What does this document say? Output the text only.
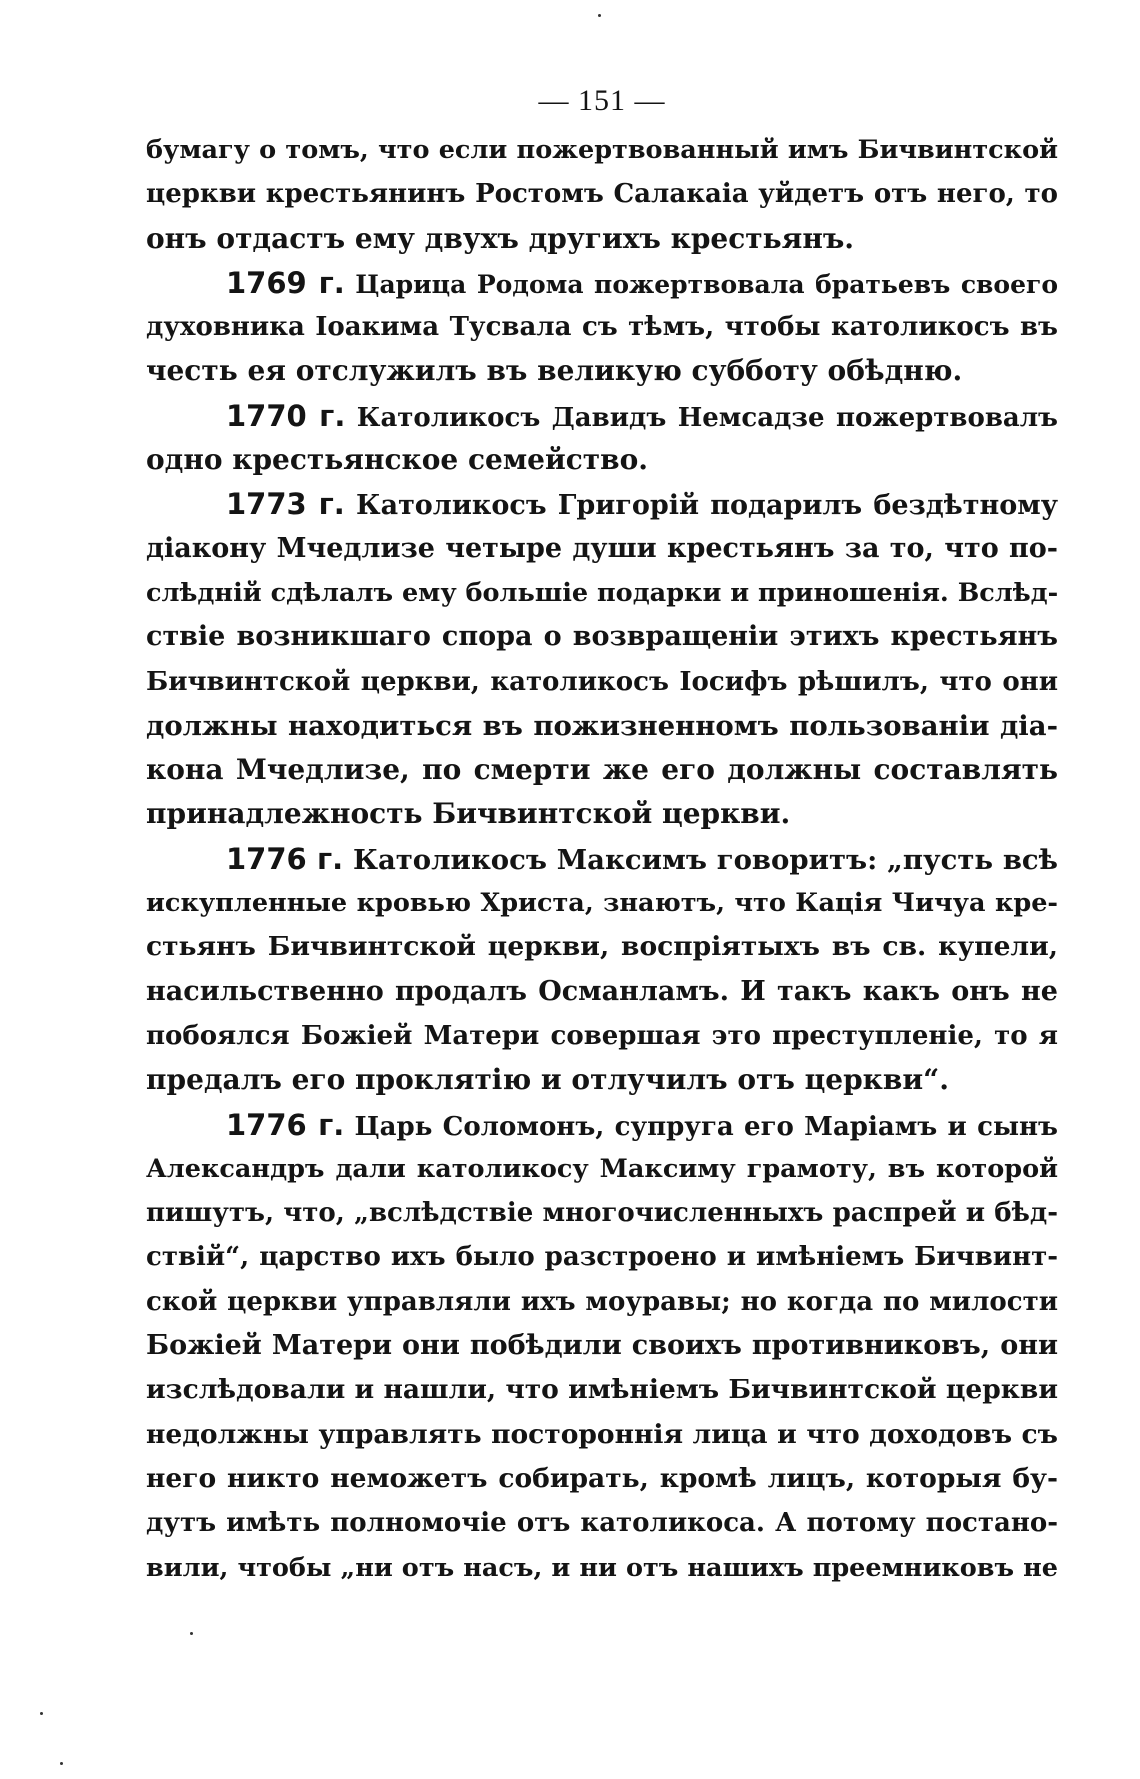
— 151 —
бумагу о томъ, что если пожертвованный имъ Бичвинтской
церкви крестьянинъ Ростомъ Салакаіа уйдетъ отъ него, то
онъ отдастъ ему двухъ другихъ крестьянъ.
1769 г. Царица Родома пожертвовала братьевъ своего
духовника Іоакима Тусвала съ тѣмъ, чтобы католикосъ въ
честь ея отслужилъ въ великую субботу обѣдню.
1770 г. Католикосъ Давидъ Немсадзе пожертвовалъ
одно крестьянское семейство.
1773 г. Католикосъ Григорій подарилъ бездѣтному
діакону Мчедлизе четыре души крестьянъ за то, что по-
слѣдній сдѣлалъ ему большіе подарки и приношенія. Вслѣд-
ствіе возникшаго спора о возвращеніи этихъ крестьянъ
Бичвинтской церкви, католикосъ Іосифъ рѣшилъ, что они
должны находиться въ пожизненномъ пользованіи діа-
кона Мчедлизе, по смерти же его должны составлять
принадлежность Бичвинтской церкви.
1776 г. Католикосъ Максимъ говоритъ: „пусть всѣ
искупленные кровью Христа, знаютъ, что Кація Чичуа кре-
стьянъ Бичвинтской церкви, воспріятыхъ въ св. купели,
насильственно продалъ Османламъ. И такъ какъ онъ не
побоялся Божіей Матери совершая это преступленіе, то я
предалъ его проклятію и отлучилъ отъ церкви“.
1776 г. Царь Соломонъ, супруга его Маріамъ и сынъ
Александръ дали католикосу Максиму грамоту, въ которой
пишутъ, что, „вслѣдствіе многочисленныхъ распрей и бѣд-
ствій“, царство ихъ было разстроено и имѣніемъ Бичвинт-
ской церкви управляли ихъ моуравы; но когда по милости
Божіей Матери они побѣдили своихъ противниковъ, они
изслѣдовали и нашли, что имѣніемъ Бичвинтской церкви
недолжны управлять постороннія лица и что доходовъ съ
него никто неможетъ собирать, кромѣ лицъ, которыя бу-
дутъ имѣть полномочіе отъ католикоса. А потому постано-
вили, чтобы „ни отъ насъ, и ни отъ нашихъ преемниковъ не
